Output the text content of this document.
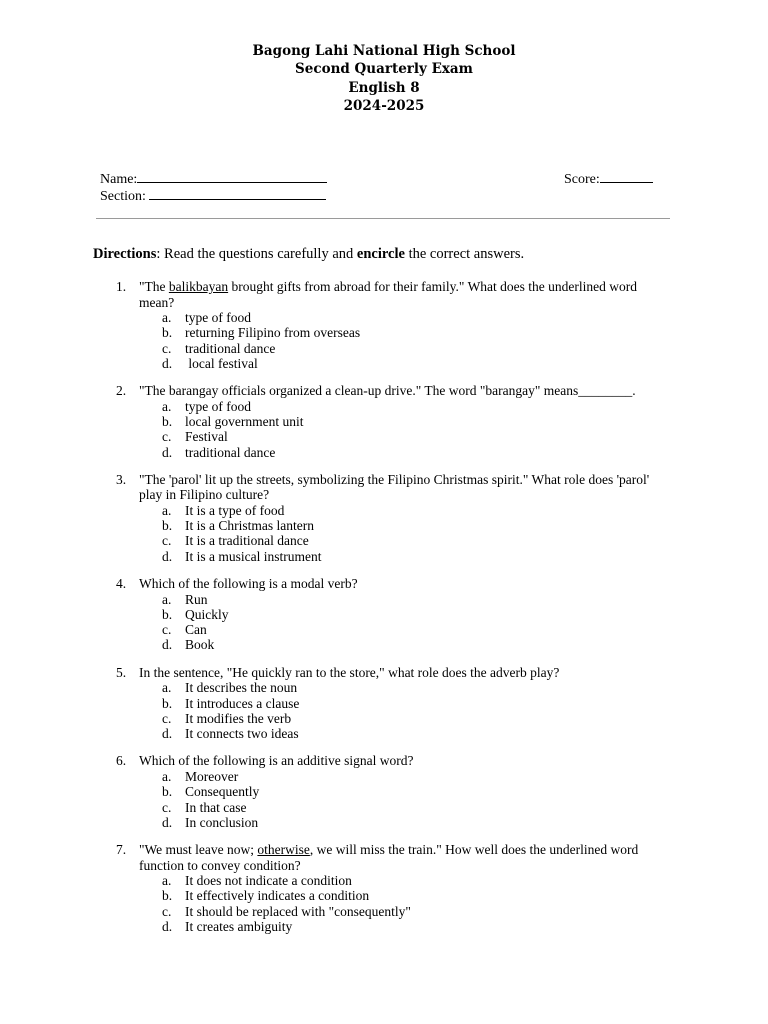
Bagong Lahi National High School
Second Quarterly Exam
English 8
2024-2025

Name:

Section:

Score:

Directions: Read the questions carefully and encircle the correct answers.
1. "The balikbayan brought gifts from abroad for their family." What does the underlined word mean?
a. type of food
b. returning Filipino from overseas
c. traditional dance
d. local festival
2. "The barangay officials organized a clean-up drive." The word "barangay" means________.
a. type of food
b. local government unit
c. Festival
d. traditional dance
3. "The 'parol' lit up the streets, symbolizing the Filipino Christmas spirit." What role does 'parol' play in Filipino culture?
a. It is a type of food
b. It is a Christmas lantern
c. It is a traditional dance
d. It is a musical instrument
4. Which of the following is a modal verb?
a. Run
b. Quickly
c. Can
d. Book
5. In the sentence, "He quickly ran to the store," what role does the adverb play?
a. It describes the noun
b. It introduces a clause
c. It modifies the verb
d. It connects two ideas
6. Which of the following is an additive signal word?
a. Moreover
b. Consequently
c. In that case
d. In conclusion
7. "We must leave now; otherwise, we will miss the train." How well does the underlined word function to convey condition?
a. It does not indicate a condition
b. It effectively indicates a condition
c. It should be replaced with "consequently"
d. It creates ambiguity
